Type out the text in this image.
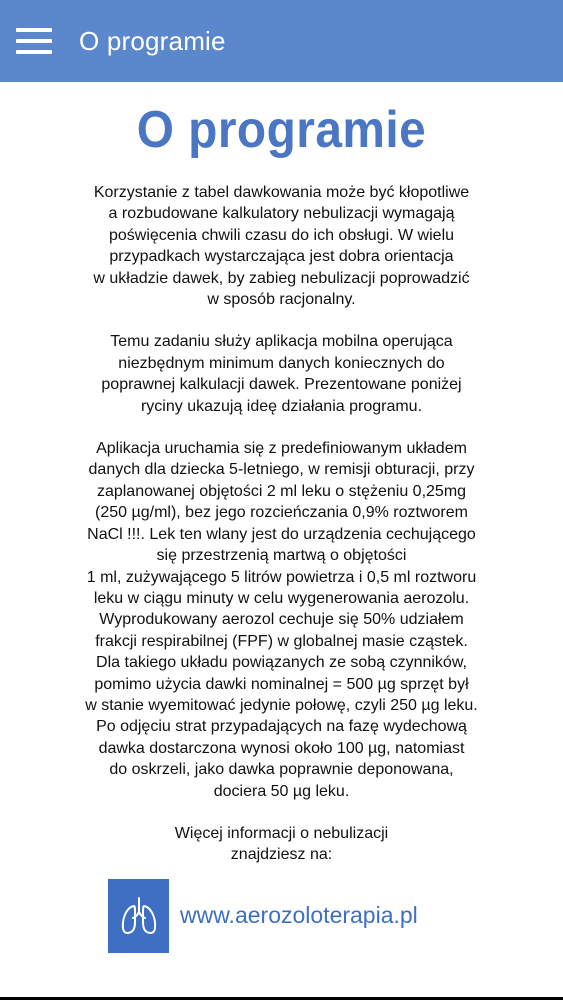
O programie
O programie

Korzystanie z tabel dawkowania może być kłopotliwe
a rozbudowane kalkulatory nebulizacji wymagają
poświęcenia chwili czasu do ich obsługi. W wielu
przypadkach wystarczająca jest dobra orientacja
w układzie dawek, by zabieg nebulizacji poprowadzić
w sposób racjonalny.

Temu zadaniu służy aplikacja mobilna operująca
niezbędnym minimum danych koniecznych do
poprawnej kalkulacji dawek. Prezentowane poniżej
ryciny ukazują ideę działania programu.

Aplikacja uruchamia się z predefiniowanym układem
danych dla dziecka 5-letniego, w remisji obturacji, przy
zaplanowanej objętości 2 ml leku o stężeniu 0,25mg
(250 µg/ml), bez jego rozcieńczania 0,9% roztworem
NaCl !!!. Lek ten wlany jest do urządzenia cechującego
się przestrzenią martwą o objętości
1 ml, zużywającego 5 litrów powietrza i 0,5 ml roztworu
leku w ciągu minuty w celu wygenerowania aerozolu.
Wyprodukowany aerozol cechuje się 50% udziałem
frakcji respirabilnej (FPF) w globalnej masie cząstek.
Dla takiego układu powiązanych ze sobą czynników,
pomimo użycia dawki nominalnej = 500 µg sprzęt był
w stanie wyemitować jedynie połowę, czyli 250 µg leku.
Po odjęciu strat przypadających na fazę wydechową
dawka dostarczona wynosi około 100 µg, natomiast
do oskrzeli, jako dawka poprawnie deponowana,
dociera 50 µg leku.

Więcej informacji o nebulizacji
znajdziesz na:

www.aerozoloterapia.pl
